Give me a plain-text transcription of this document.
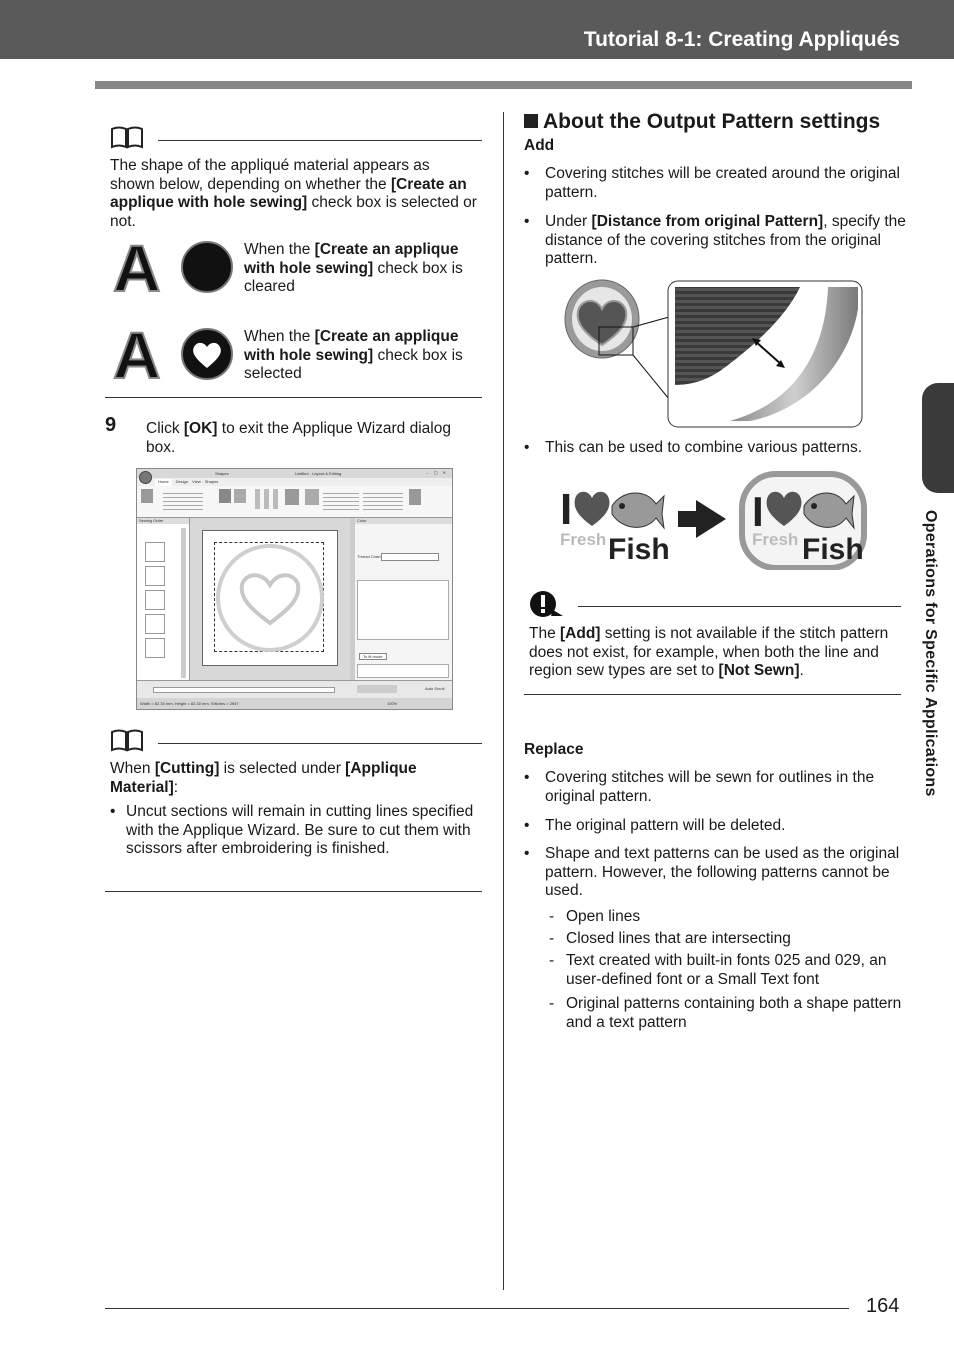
Tutorial 8-1: Creating Appliqués
Operations for Specific Applications
The shape of the appliqué material appears as shown below, depending on whether the [Create an applique with hole sewing] check box is selected or not.
A	When the [Create an applique with hole sewing] check box is cleared
A	When the [Create an applique with hole sewing] check box is selected
9 Click [OK] to exit the Applique Wizard dialog box.
Shapes	Untitled - Layout & Editing	– ▢ ✕
Home	Design View Shapes
Sewing Order	Color
Thread Chart
To fit mode
Auto Scroll
Width = 82.30 mm, Height = 82.30 mm, Stitches = 2947	100%
When [Cutting] is selected under [Applique Material]:
• Uncut sections will remain in cutting lines specified with the Applique Wizard. Be sure to cut them with scissors after embroidering is finished.
About the Output Pattern settings
Add
• Covering stitches will be created around the original pattern.
• Under [Distance from original Pattern], specify the distance of the covering stitches from the original pattern.
• This can be used to combine various patterns.
I
Fresh Fish
I
Fresh Fish
The [Add] setting is not available if the stitch pattern does not exist, for example, when both the line and region sew types are set to [Not Sewn].
Replace
• Covering stitches will be sewn for outlines in the original pattern.
• The original pattern will be deleted.
• Shape and text patterns can be used as the original pattern. However, the following patterns cannot be used.
- Open lines
- Closed lines that are intersecting
- Text created with built-in fonts 025 and 029, an user-defined font or a Small Text font
- Original patterns containing both a shape pattern and a text pattern
164
